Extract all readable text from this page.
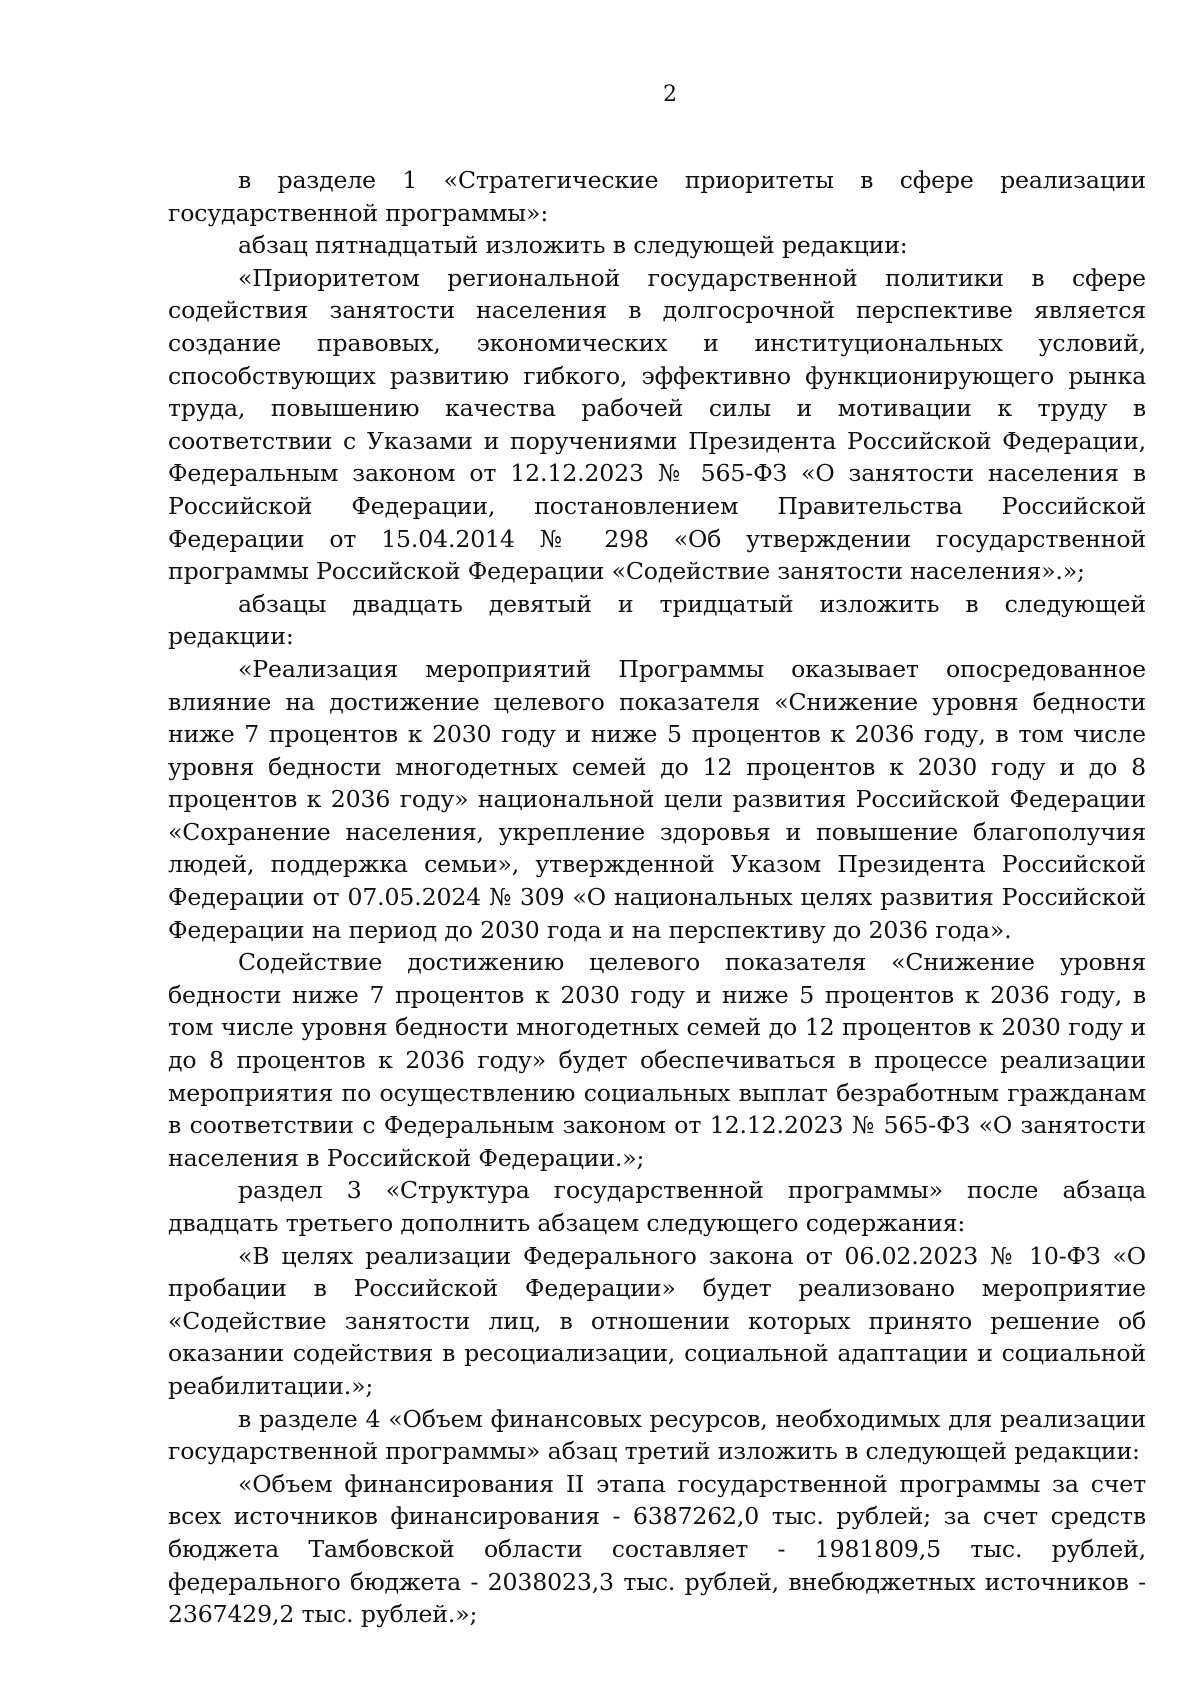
2

в разделе 1 «Стратегические приоритеты в сфере реализации государственной программы»:

абзац пятнадцатый изложить в следующей редакции:

«Приоритетом региональной государственной политики в сфере содействия занятости населения в долгосрочной перспективе является создание правовых, экономических и институциональных условий, способствующих развитию гибкого, эффективно функционирующего рынка труда, повышению качества рабочей силы и мотивации к труду в соответствии с Указами и поручениями Президента Российской Федерации, Федеральным законом от 12.12.2023 № 565-ФЗ «О занятости населения в Российской Федерации, постановлением Правительства Российской Федерации от 15.04.2014 № 298 «Об утверждении государственной программы Российской Федерации «Содействие занятости населения».»;

абзацы двадцать девятый и тридцатый изложить в следующей редакции:

«Реализация мероприятий Программы оказывает опосредованное влияние на достижение целевого показателя «Снижение уровня бедности ниже 7 процентов к 2030 году и ниже 5 процентов к 2036 году, в том числе уровня бедности многодетных семей до 12 процентов к 2030 году и до 8 процентов к 2036 году» национальной цели развития Российской Федерации «Сохранение населения, укрепление здоровья и повышение благополучия людей, поддержка семьи», утвержденной Указом Президента Российской Федерации от 07.05.2024 № 309 «О национальных целях развития Российской Федерации на период до 2030 года и на перспективу до 2036 года».

Содействие достижению целевого показателя «Снижение уровня бедности ниже 7 процентов к 2030 году и ниже 5 процентов к 2036 году, в том числе уровня бедности многодетных семей до 12 процентов к 2030 году и до 8 процентов к 2036 году» будет обеспечиваться в процессе реализации мероприятия по осуществлению социальных выплат безработным гражданам в соответствии с Федеральным законом от 12.12.2023 № 565-ФЗ «О занятости населения в Российской Федерации.»;

раздел 3 «Структура государственной программы» после абзаца двадцать третьего дополнить абзацем следующего содержания:

«В целях реализации Федерального закона от 06.02.2023 № 10-ФЗ «О пробации в Российской Федерации» будет реализовано мероприятие «Содействие занятости лиц, в отношении которых принято решение об оказании содействия в ресоциализации, социальной адаптации и социальной реабилитации.»;

в разделе 4 «Объем финансовых ресурсов, необходимых для реализации государственной программы» абзац третий изложить в следующей редакции:

«Объем финансирования II этапа государственной программы за счет всех источников финансирования - 6387262,0 тыс. рублей; за счет средств бюджета Тамбовской области составляет - 1981809,5 тыс. рублей, федерального бюджета - 2038023,3 тыс. рублей, внебюджетных источников - 2367429,2 тыс. рублей.»;
